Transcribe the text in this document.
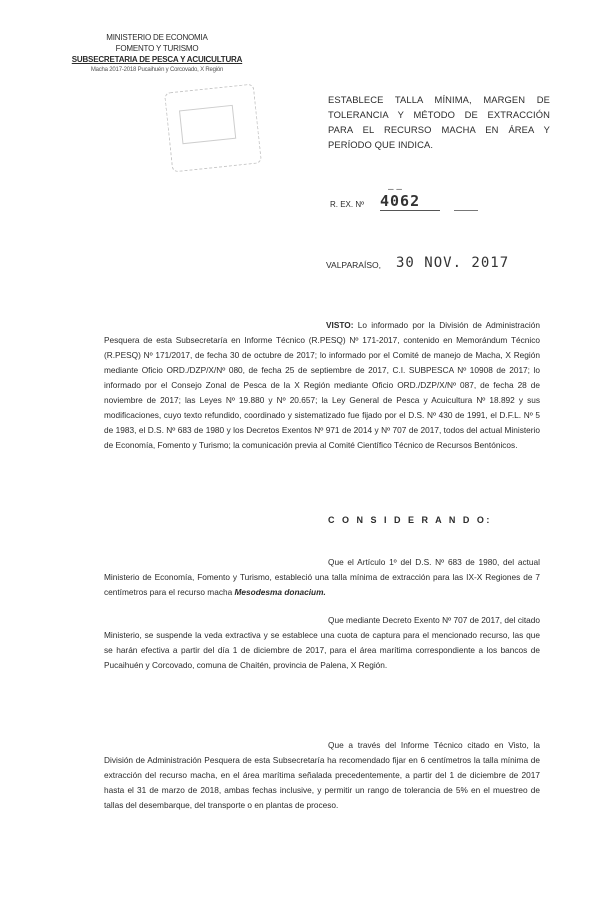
MINISTERIO DE ECONOMIA
FOMENTO Y TURISMO
SUBSECRETARIA DE PESCA Y ACUICULTURA
Macha 2017-2018 Pucaihuén y Corcovado, X Región
ESTABLECE TALLA MÍNIMA, MARGEN DE TOLERANCIA Y MÉTODO DE EXTRACCIÓN PARA EL RECURSO MACHA EN ÁREA Y PERÍODO QUE INDICA.
– –
R. EX. Nº 4062
VALPARAÍSO, 30 NOV. 2017
VISTO: Lo informado por la División de Administración Pesquera de esta Subsecretaría en Informe Técnico (R.PESQ) Nº 171-2017, contenido en Memorándum Técnico (R.PESQ) Nº 171/2017, de fecha 30 de octubre de 2017; lo informado por el Comité de manejo de Macha, X Región mediante Oficio ORD./DZP/X/Nº 080, de fecha 25 de septiembre de 2017, C.I. SUBPESCA Nº 10908 de 2017; lo informado por el Consejo Zonal de Pesca de la X Región mediante Oficio ORD./DZP/X/Nº 087, de fecha 28 de noviembre de 2017; las Leyes Nº 19.880 y Nº 20.657; la Ley General de Pesca y Acuicultura Nº 18.892 y sus modificaciones, cuyo texto refundido, coordinado y sistematizado fue fijado por el D.S. Nº 430 de 1991, el D.F.L. Nº 5 de 1983, el D.S. Nº 683 de 1980 y los Decretos Exentos Nº 971 de 2014 y Nº 707 de 2017, todos del actual Ministerio de Economía, Fomento y Turismo; la comunicación previa al Comité Científico Técnico de Recursos Bentónicos.
C O N S I D E R A N D O:
Que el Artículo 1º del D.S. Nº 683 de 1980, del actual Ministerio de Economía, Fomento y Turismo, estableció una talla mínima de extracción para las IX-X Regiones de 7 centímetros para el recurso macha Mesodesma donacium.
Que mediante Decreto Exento Nº 707 de 2017, del citado Ministerio, se suspende la veda extractiva y se establece una cuota de captura para el mencionado recurso, las que se harán efectiva a partir del día 1 de diciembre de 2017, para el área marítima correspondiente a los bancos de Pucaihuén y Corcovado, comuna de Chaitén, provincia de Palena, X Región.
Que a través del Informe Técnico citado en Visto, la División de Administración Pesquera de esta Subsecretaría ha recomendado fijar en 6 centímetros la talla mínima de extracción del recurso macha, en el área marítima señalada precedentemente, a partir del 1 de diciembre de 2017 hasta el 31 de marzo de 2018, ambas fechas inclusive, y permitir un rango de tolerancia de 5% en el muestreo de tallas del desembarque, del transporte o en plantas de proceso.
